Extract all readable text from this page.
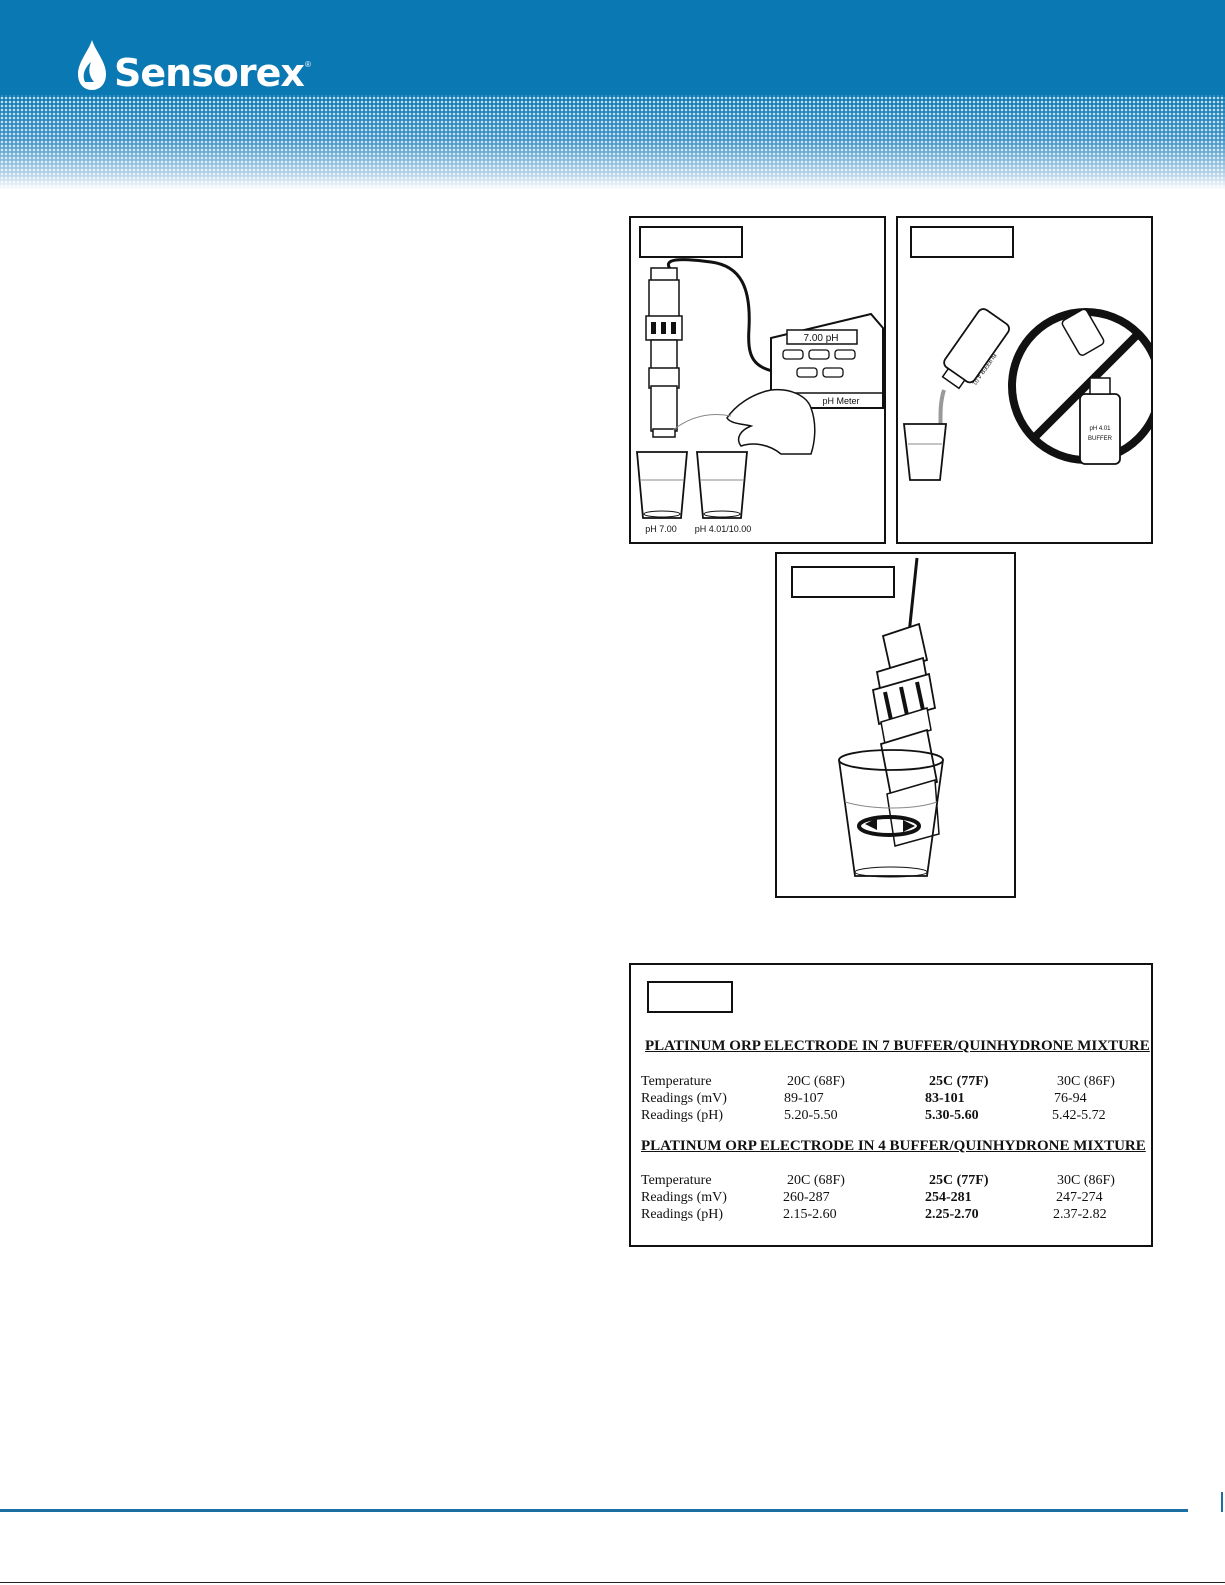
Sensorex ®
7.00 pH
pH Meter
pH 7.00 pH 4.01/10.00
BUFFER 4.01
pH 4.01
BUFFER
PLATINUM ORP ELECTRODE IN 7 BUFFER/QUINHYDRONE MIXTURE
Temperature	20C (68F)	25C (77F)	30C (86F)
Readings (mV)	89-107	83-101	76-94
Readings (pH)	5.20-5.50	5.30-5.60	5.42-5.72
PLATINUM ORP ELECTRODE IN 4 BUFFER/QUINHYDRONE MIXTURE
Temperature	20C (68F)	25C (77F)	30C (86F)
Readings (mV)	260-287	254-281	247-274
Readings (pH)	2.15-2.60	2.25-2.70	2.37-2.82
